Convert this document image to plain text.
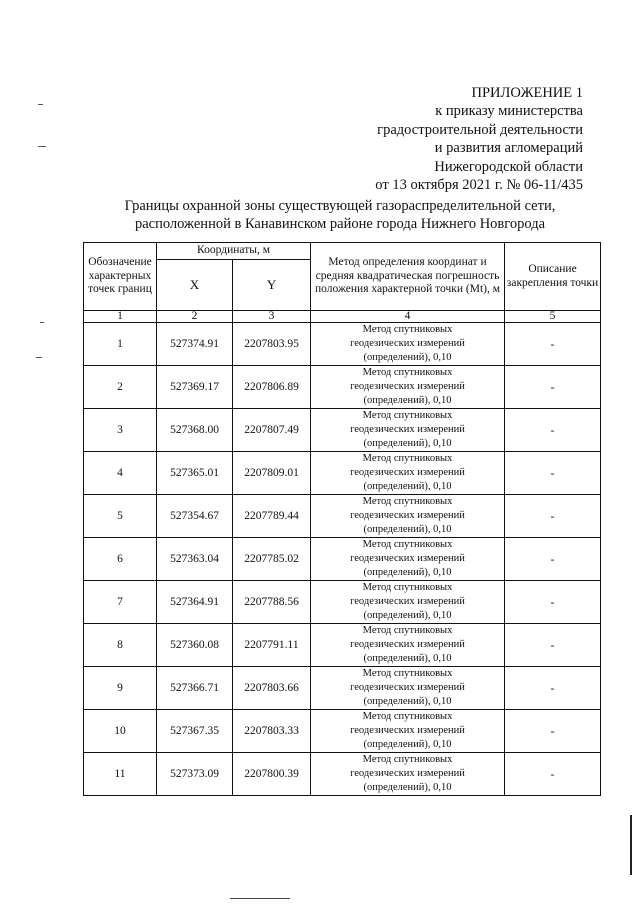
ПРИЛОЖЕНИЕ 1
к приказу министерства
градостроительной деятельности
и развития агломераций
Нижегородской области
от 13 октября 2021 г. № 06-11/435
Границы охранной зоны существующей газораспределительной сети,
расположенной в Канавинском районе города Нижнего Новгорода
Обозначение характерных точек границ	Координаты, м		Метод определения координат и средняя квадратическая погрешность положения характерной точки (Mt), м	Описание закрепления точки
	X	Y		
1	2	3	4	5
1	527374.91	2207803.95	Метод спутниковых
геодезических измерений
(определений), 0,10	-
2	527369.17	2207806.89	Метод спутниковых
геодезических измерений
(определений), 0,10	-
3	527368.00	2207807.49	Метод спутниковых
геодезических измерений
(определений), 0,10	-
4	527365.01	2207809.01	Метод спутниковых
геодезических измерений
(определений), 0,10	-
5	527354.67	2207789.44	Метод спутниковых
геодезических измерений
(определений), 0,10	-
6	527363.04	2207785.02	Метод спутниковых
геодезических измерений
(определений), 0,10	-
7	527364.91	2207788.56	Метод спутниковых
геодезических измерений
(определений), 0,10	-
8	527360.08	2207791.11	Метод спутниковых
геодезических измерений
(определений), 0,10	-
9	527366.71	2207803.66	Метод спутниковых
геодезических измерений
(определений), 0,10	-
10	527367.35	2207803.33	Метод спутниковых
геодезических измерений
(определений), 0,10	-
11	527373.09	2207800.39	Метод спутниковых
геодезических измерений
(определений), 0,10	-
